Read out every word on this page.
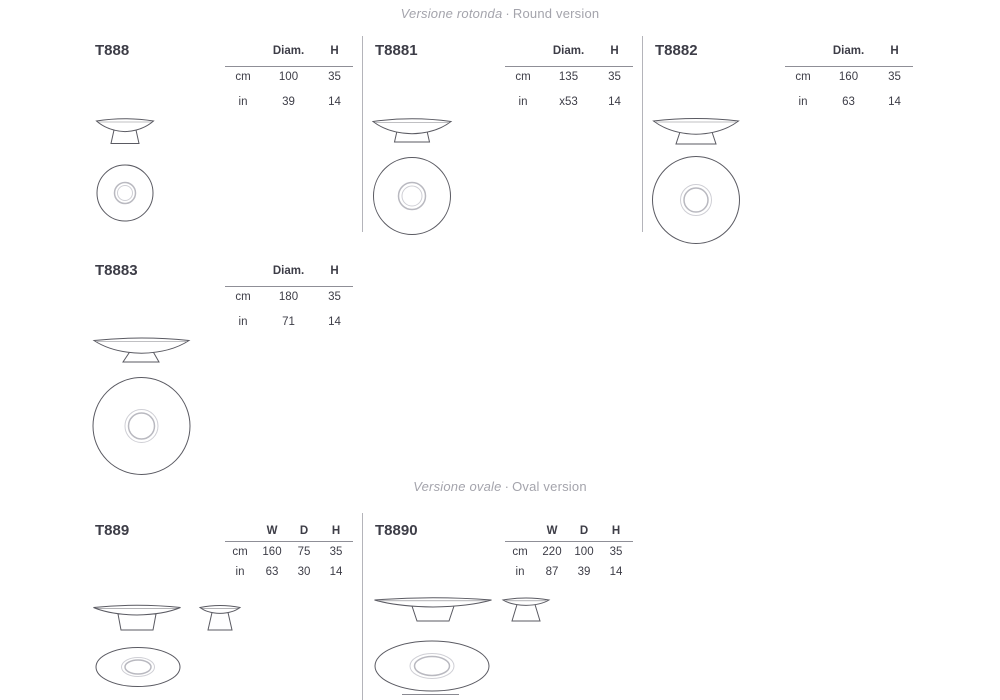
Versione rotonda · Round version
T888	Diam.	H
cm	100	35
in	39	14
T8881	Diam.	H
cm	135	35
in	x53	14
T8882	Diam.	H
cm	160	35
in	63	14
T8883	Diam.	H
cm	180	35
in	71	14
Versione ovale · Oval version
T889	W	D	H
cm	160	75	35
in	63	30	14
T8890	W	D	H
cm	220	100	35
in	87	39	14
